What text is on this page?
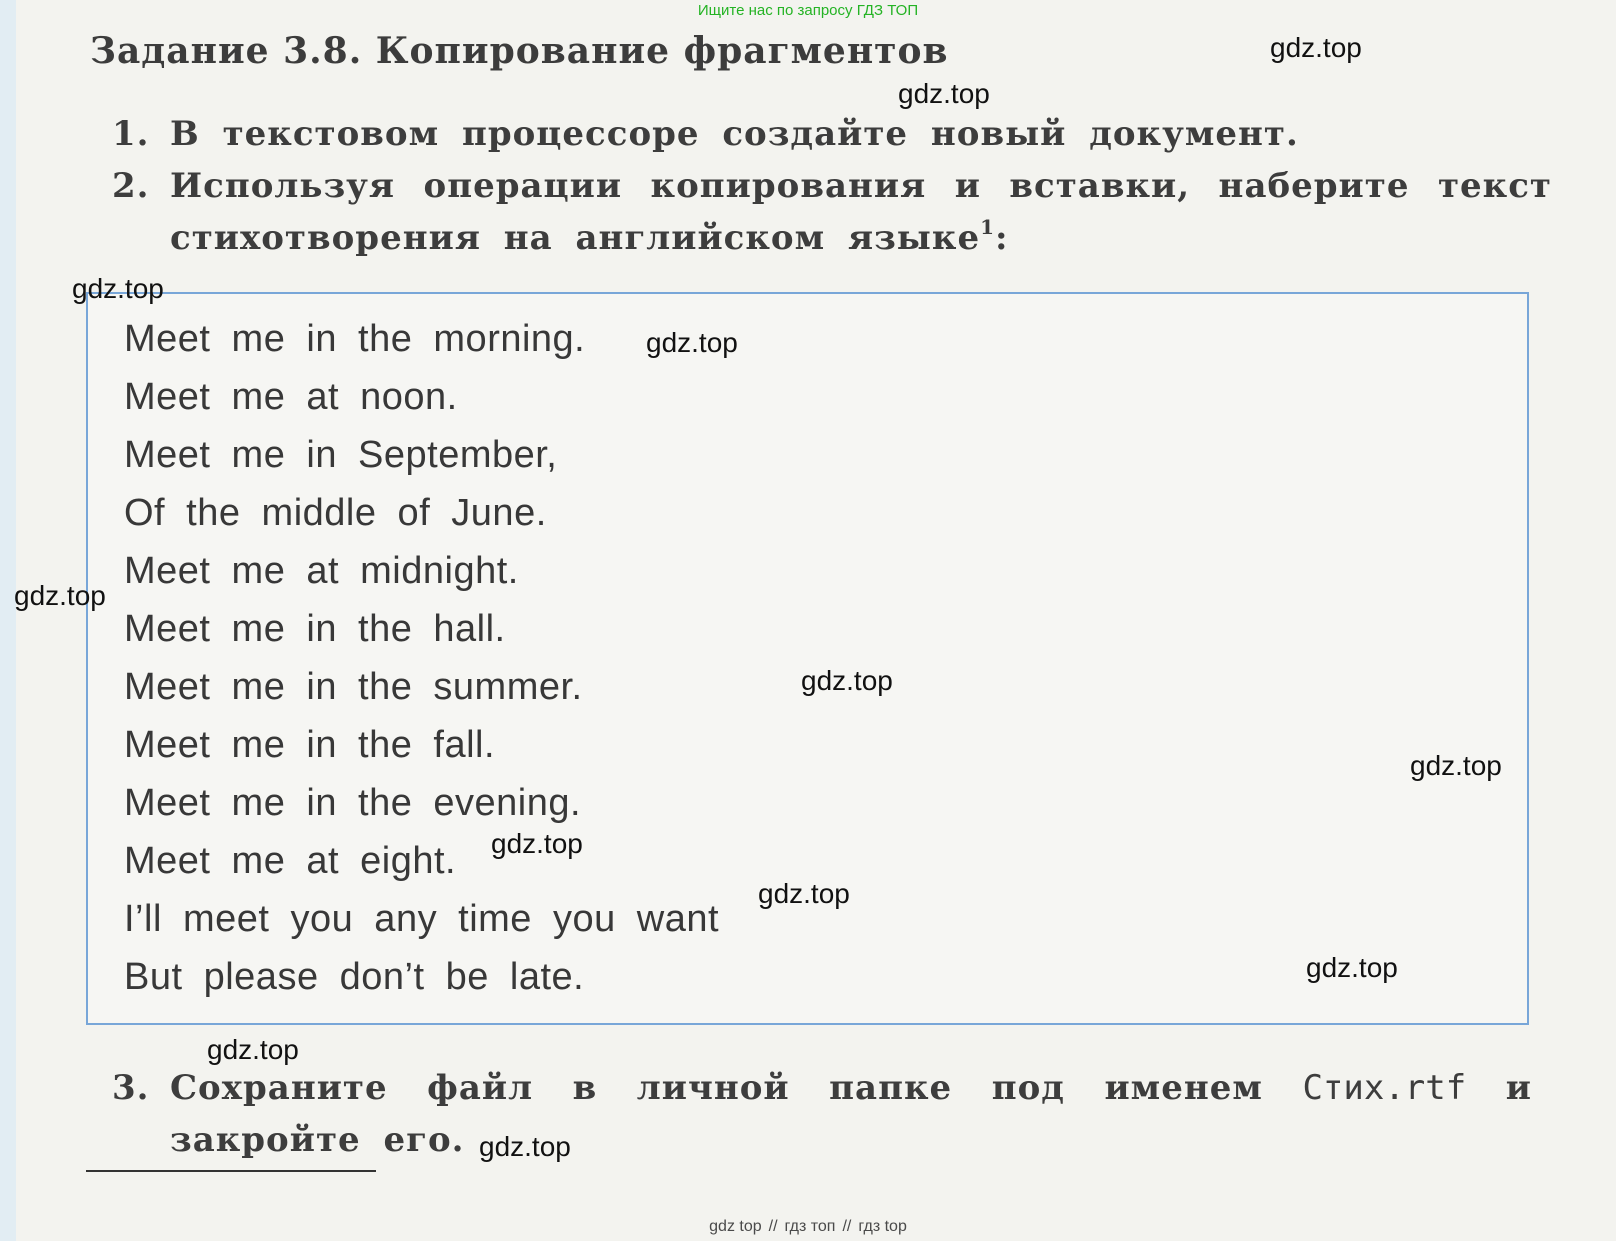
Ищите нас по запросу ГДЗ ТОП
Задание 3.8. Копирование фрагментов
1. В текстовом процессоре создайте новый документ.
2. Используя операции копирования и вставки, наберите текст стихотворения на английском языке$^1$:
Meet me in the morning.
Meet me at noon.
Meet me in September,
Of the middle of June.
Meet me at midnight.
Meet me in the hall.
Meet me in the summer.
Meet me in the fall.
Meet me in the evening.
Meet me at eight.
I’ll meet you any time you want
But please don’t be late.
3. Сохраните файл в личной папке под именем Стих.rtf и закройте его.
gdz.top
gdz.top
gdz.top
gdz.top
gdz.top
gdz.top
gdz.top
gdz.top
gdz.top
gdz.top
gdz.top
gdz.top
gdz top // гдз топ // гдз top
